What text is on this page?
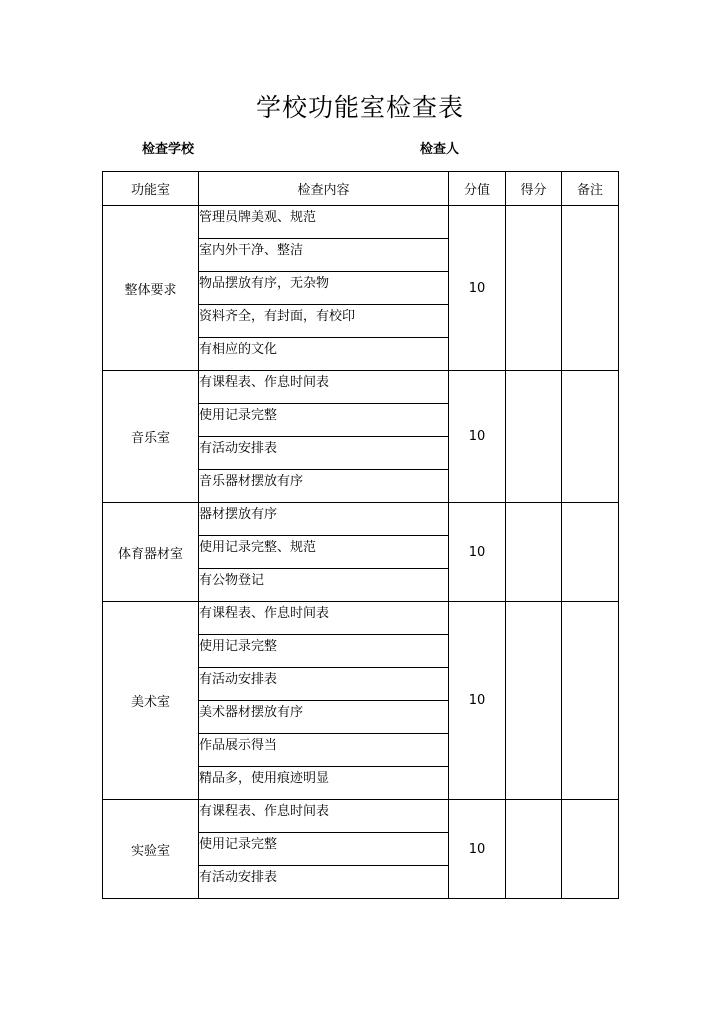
学校功能室检查表
检查学校	检查人
功能室	检查内容	分值	得分	备注
整体要求	管理员牌美观、规范	10		
	室内外干净、整洁			
	物品摆放有序，无杂物			
	资料齐全，有封面，有校印			
	有相应的文化			
音乐室	有课程表、作息时间表	10		
	使用记录完整			
	有活动安排表			
	音乐器材摆放有序			
体育器材室	器材摆放有序	10		
	使用记录完整、规范			
	有公物登记			
美术室	有课程表、作息时间表	10		
	使用记录完整			
	有活动安排表			
	美术器材摆放有序			
	作品展示得当			
	精品多，使用痕迹明显			
实验室	有课程表、作息时间表	10		
	使用记录完整			
	有活动安排表			
